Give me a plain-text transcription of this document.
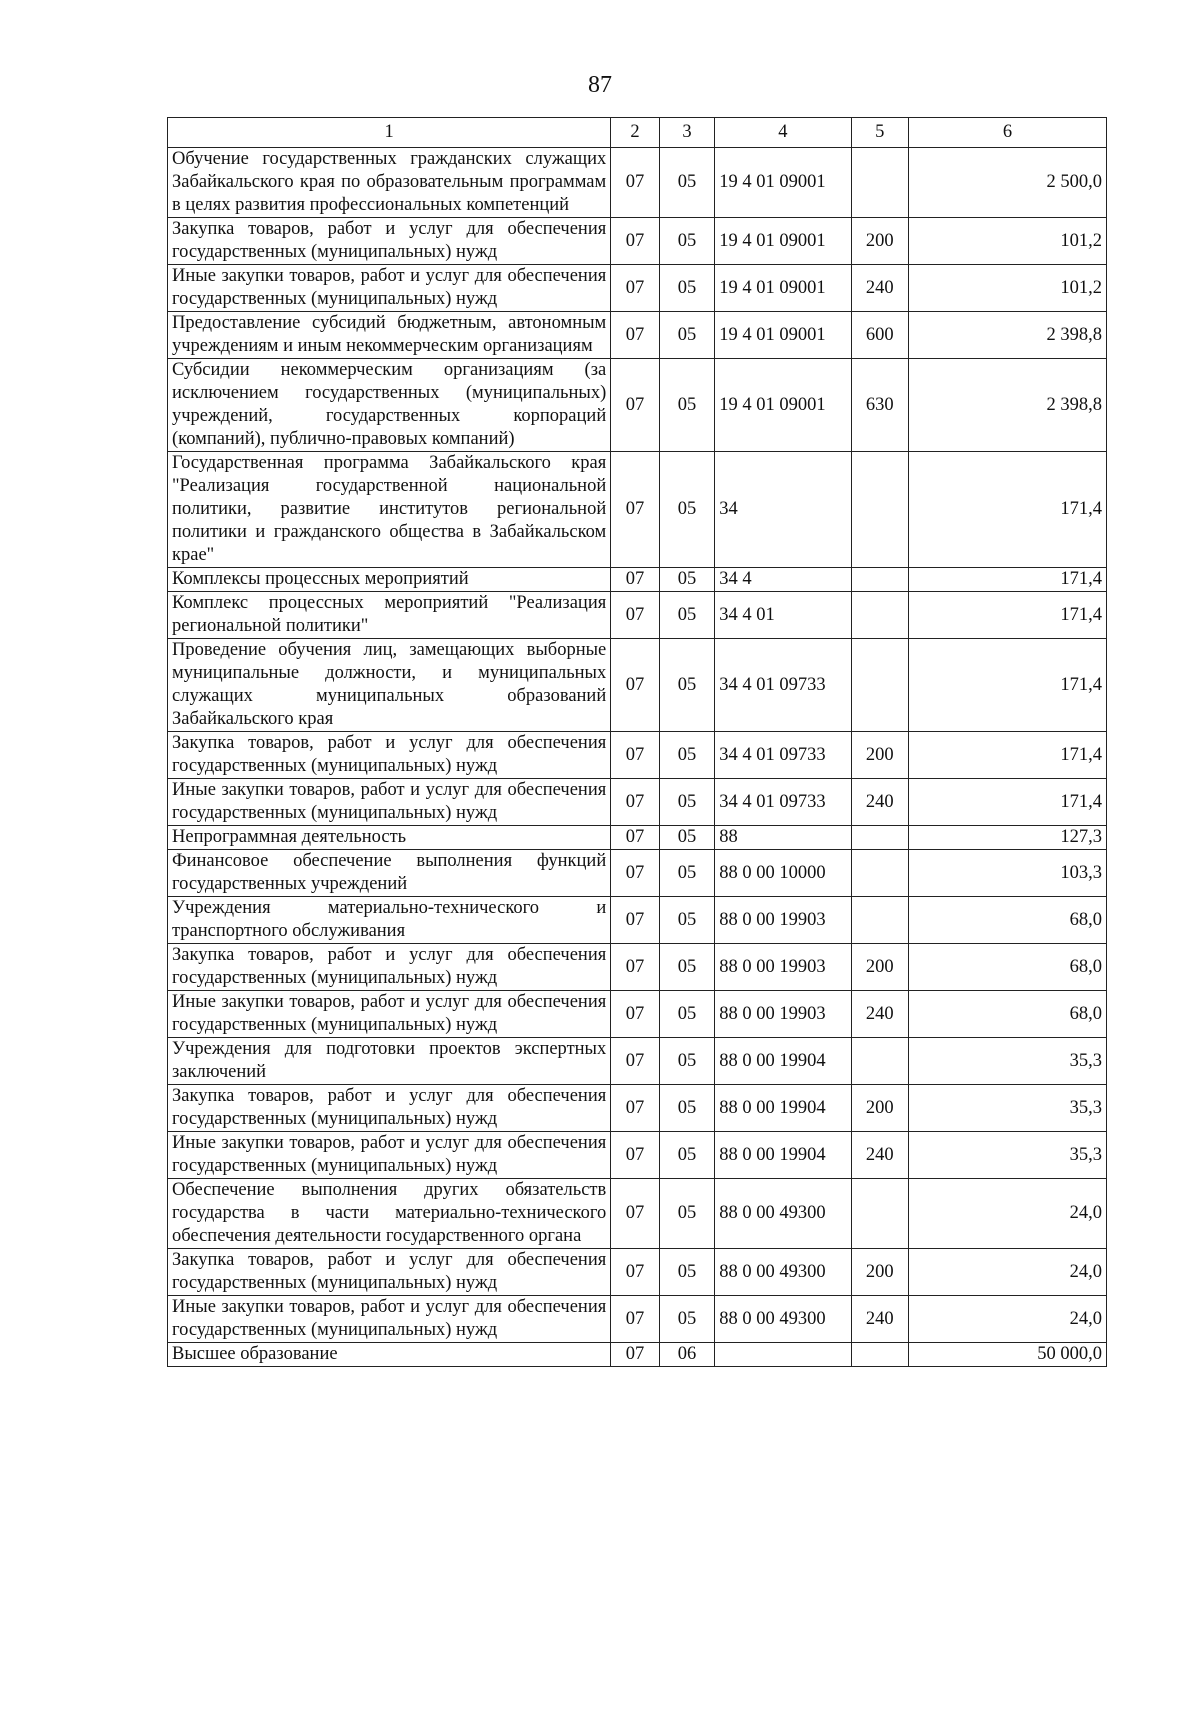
87
1	2	3	4	5	6
Обучение государственных гражданских служащих Забайкальского края по образовательным программам в целях развития профессиональных компетенций	07	05	19 4 01 09001		2 500,0
Закупка товаров, работ и услуг для обеспечения государственных (муниципальных) нужд	07	05	19 4 01 09001	200	101,2
Иные закупки товаров, работ и услуг для обеспечения государственных (муниципальных) нужд	07	05	19 4 01 09001	240	101,2
Предоставление субсидий бюджетным, автономным учреждениям и иным некоммерческим организациям	07	05	19 4 01 09001	600	2 398,8
Субсидии некоммерческим организациям (за исключением государственных (муниципальных) учреждений, государственных корпораций (компаний), публично-правовых компаний)	07	05	19 4 01 09001	630	2 398,8
Государственная программа Забайкальского края "Реализация государственной национальной политики, развитие институтов региональной политики и гражданского общества в Забайкальском крае"	07	05	34		171,4
Комплексы процессных мероприятий	07	05	34 4		171,4
Комплекс процессных мероприятий "Реализация региональной политики"	07	05	34 4 01		171,4
Проведение обучения лиц, замещающих выборные муниципальные должности, и муниципальных служащих муниципальных образований Забайкальского края	07	05	34 4 01 09733		171,4
Закупка товаров, работ и услуг для обеспечения государственных (муниципальных) нужд	07	05	34 4 01 09733	200	171,4
Иные закупки товаров, работ и услуг для обеспечения государственных (муниципальных) нужд	07	05	34 4 01 09733	240	171,4
Непрограммная деятельность	07	05	88		127,3
Финансовое обеспечение выполнения функций государственных учреждений	07	05	88 0 00 10000		103,3
Учреждения материально-технического и транспортного обслуживания	07	05	88 0 00 19903		68,0
Закупка товаров, работ и услуг для обеспечения государственных (муниципальных) нужд	07	05	88 0 00 19903	200	68,0
Иные закупки товаров, работ и услуг для обеспечения государственных (муниципальных) нужд	07	05	88 0 00 19903	240	68,0
Учреждения для подготовки проектов экспертных заключений	07	05	88 0 00 19904		35,3
Закупка товаров, работ и услуг для обеспечения государственных (муниципальных) нужд	07	05	88 0 00 19904	200	35,3
Иные закупки товаров, работ и услуг для обеспечения государственных (муниципальных) нужд	07	05	88 0 00 19904	240	35,3
Обеспечение выполнения других обязательств государства в части материально-технического обеспечения деятельности государственного органа	07	05	88 0 00 49300		24,0
Закупка товаров, работ и услуг для обеспечения государственных (муниципальных) нужд	07	05	88 0 00 49300	200	24,0
Иные закупки товаров, работ и услуг для обеспечения государственных (муниципальных) нужд	07	05	88 0 00 49300	240	24,0
Высшее образование	07	06			50 000,0
